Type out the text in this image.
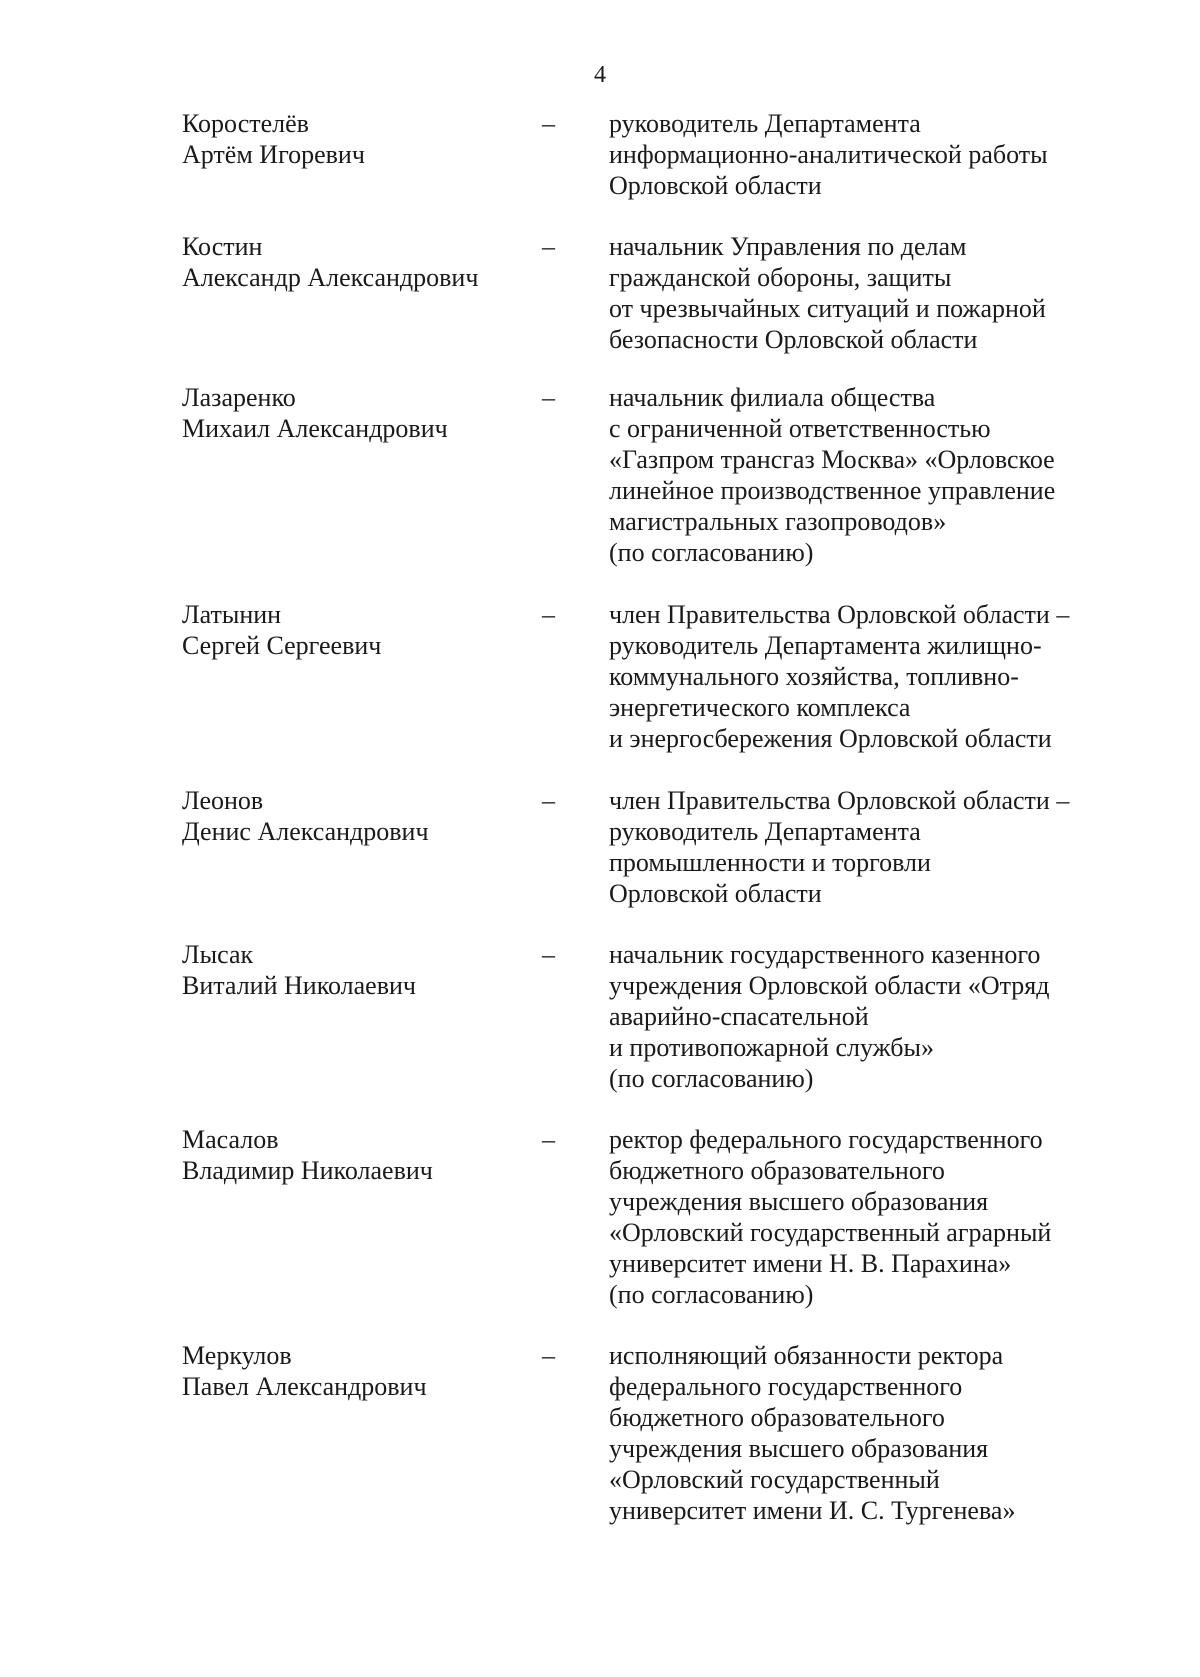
4
Коростелёв
Артём Игоревич
– руководитель Департамента
информационно-аналитической работы
Орловской области
Костин
Александр Александрович
– начальник Управления по делам
гражданской обороны, защиты
от чрезвычайных ситуаций и пожарной
безопасности Орловской области
Лазаренко
Михаил Александрович
– начальник филиала общества
с ограниченной ответственностью
«Газпром трансгаз Москва» «Орловское
линейное производственное управление
магистральных газопроводов»
(по согласованию)
Латынин
Сергей Сергеевич
– член Правительства Орловской области –
руководитель Департамента жилищно-
коммунального хозяйства, топливно-
энергетического комплекса
и энергосбережения Орловской области
Леонов
Денис Александрович
– член Правительства Орловской области –
руководитель Департамента
промышленности и торговли
Орловской области
Лысак
Виталий Николаевич
– начальник государственного казенного
учреждения Орловской области «Отряд
аварийно-спасательной
и противопожарной службы»
(по согласованию)
Масалов
Владимир Николаевич
– ректор федерального государственного
бюджетного образовательного
учреждения высшего образования
«Орловский государственный аграрный
университет имени Н. В. Парахина»
(по согласованию)
Меркулов
Павел Александрович
– исполняющий обязанности ректора
федерального государственного
бюджетного образовательного
учреждения высшего образования
«Орловский государственный
университет имени И. С. Тургенева»
